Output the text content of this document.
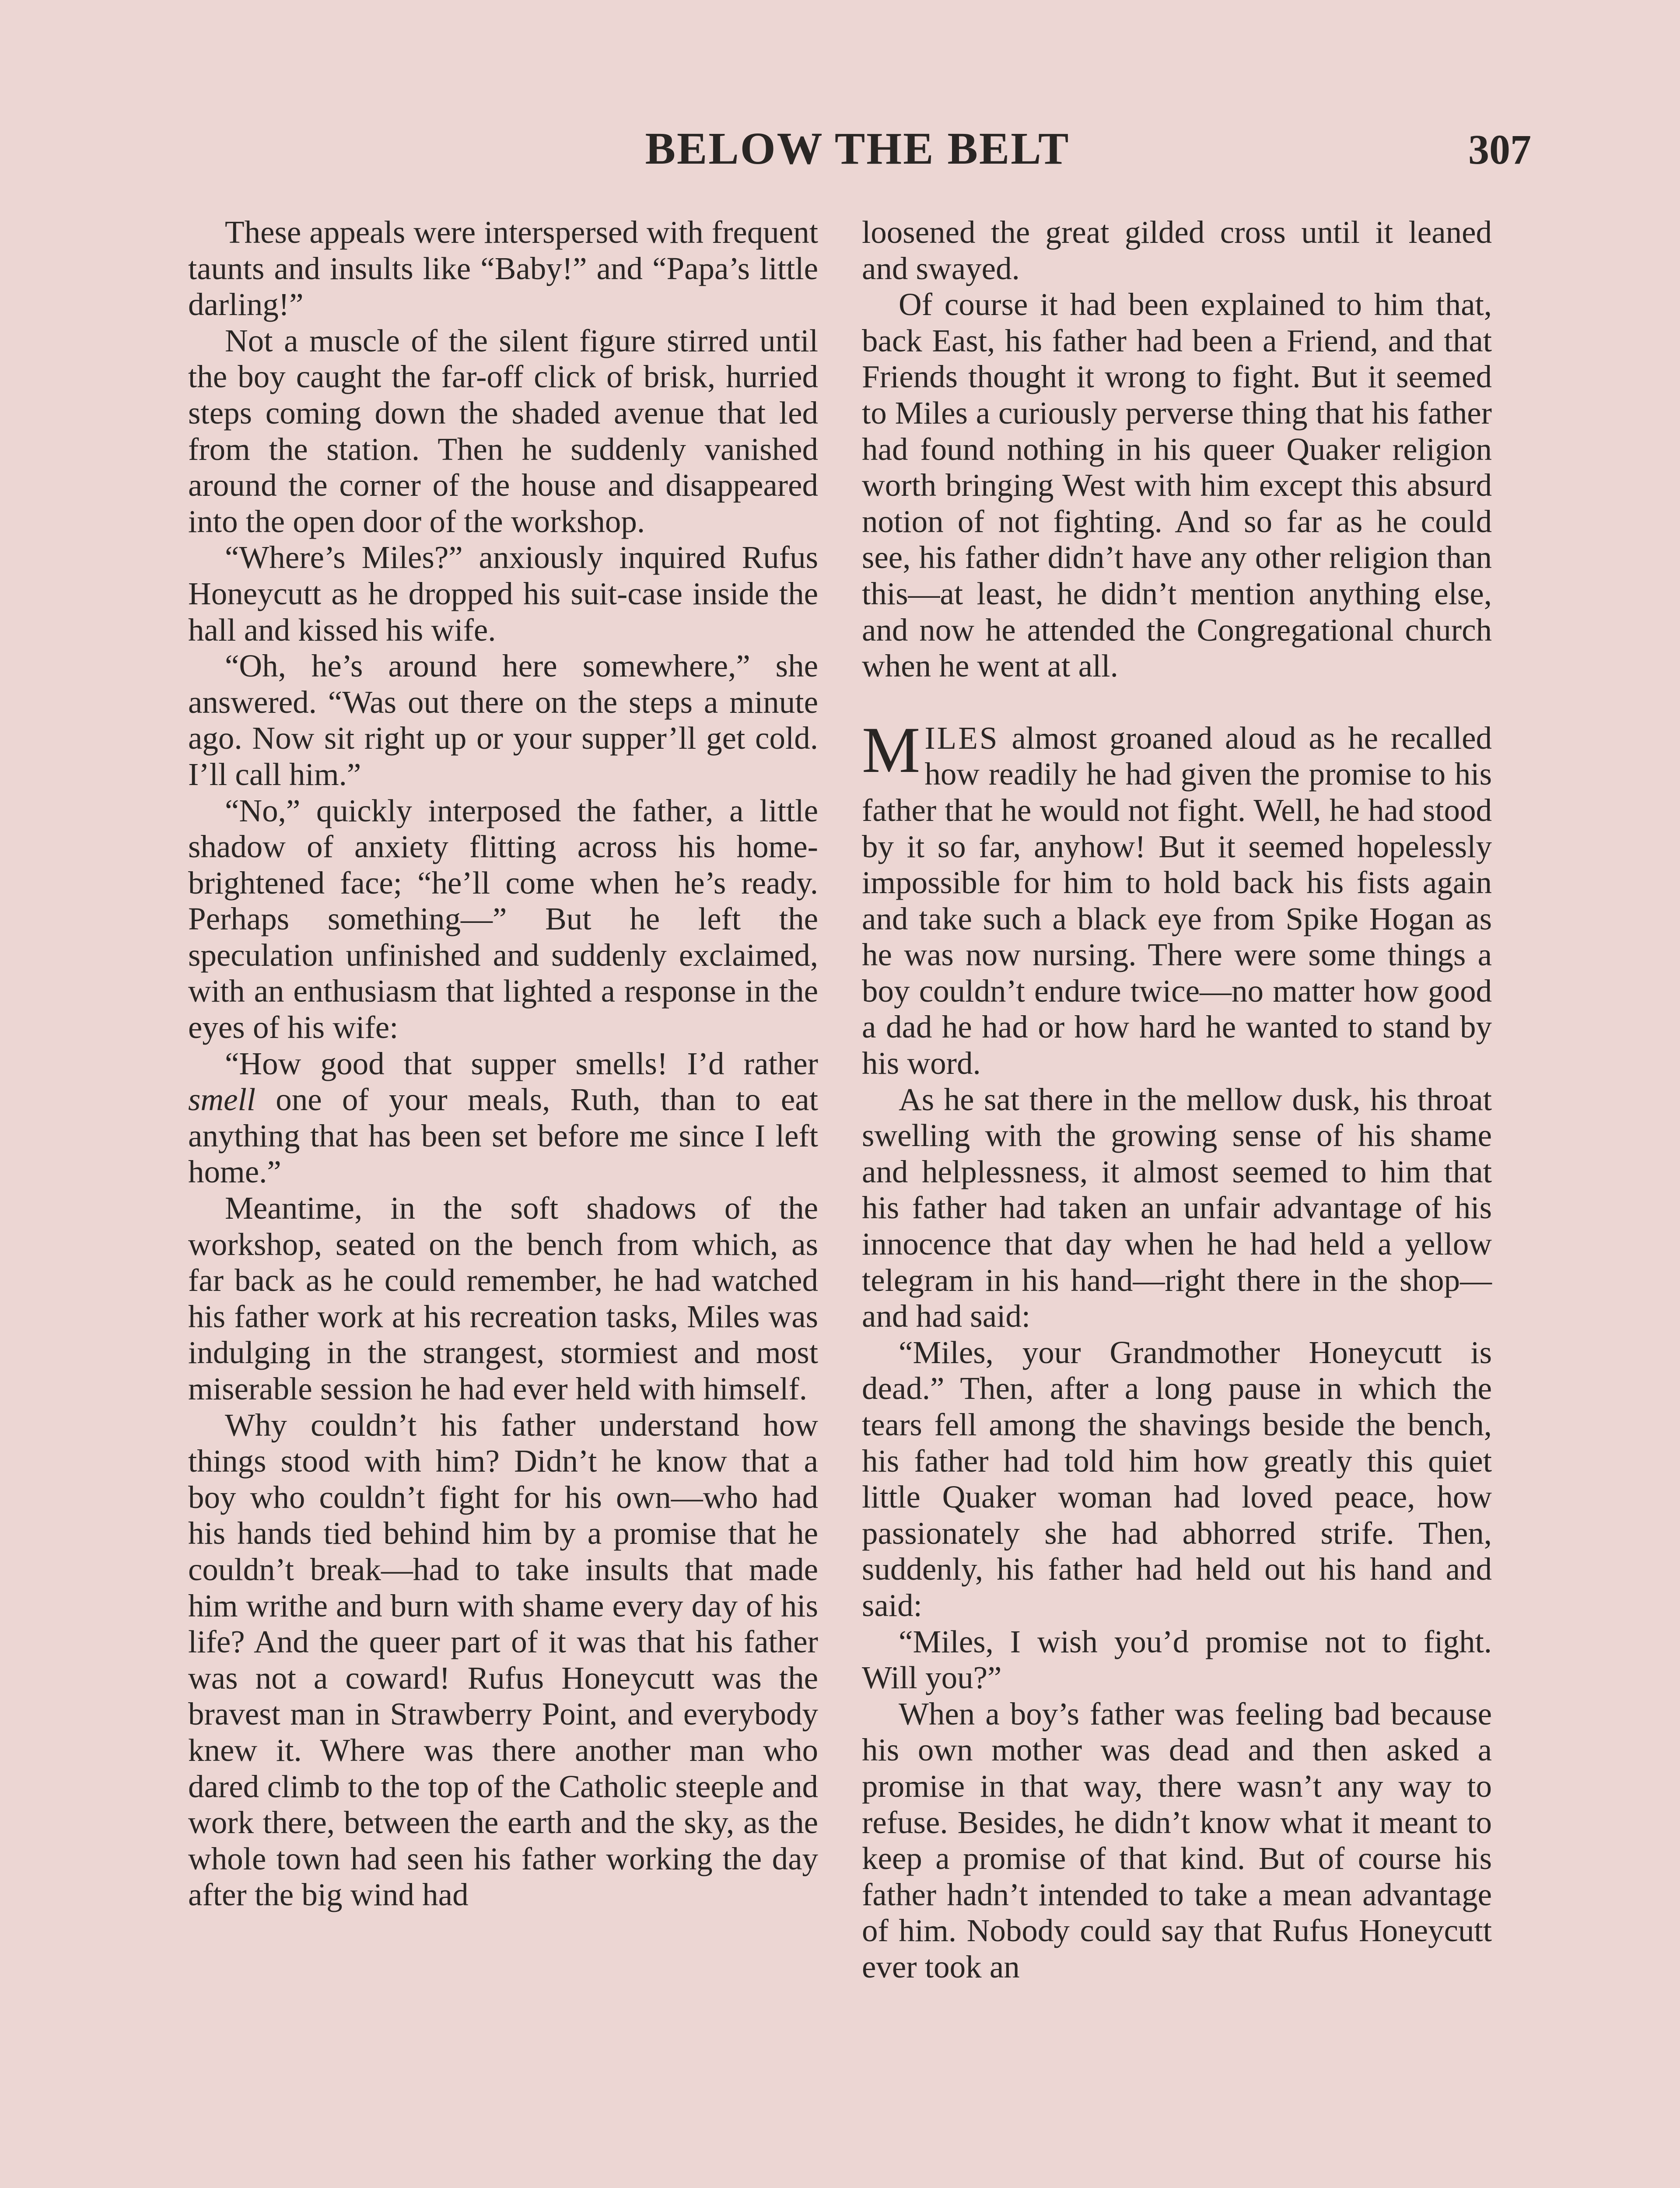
BELOW THE BELT	307

These appeals were interspersed with frequent taunts and insults like “Baby!” and “Papa’s little darling!”

Not a muscle of the silent figure stirred until the boy caught the far-off click of brisk, hurried steps coming down the shaded avenue that led from the station. Then he suddenly vanished around the corner of the house and disappeared into the open door of the workshop.

“Where’s Miles?” anxiously inquired Rufus Honeycutt as he dropped his suit-case inside the hall and kissed his wife.

“Oh, he’s around here somewhere,” she answered. “Was out there on the steps a minute ago. Now sit right up or your supper’ll get cold. I’ll call him.”

“No,” quickly interposed the father, a little shadow of anxiety flitting across his home-brightened face; “he’ll come when he’s ready. Perhaps something—” But he left the speculation unfinished and suddenly exclaimed, with an enthusiasm that lighted a response in the eyes of his wife:

“How good that supper smells! I’d rather smell one of your meals, Ruth, than to eat anything that has been set before me since I left home.”

Meantime, in the soft shadows of the workshop, seated on the bench from which, as far back as he could remember, he had watched his father work at his recreation tasks, Miles was indulging in the strangest, stormiest and most miserable session he had ever held with himself.

Why couldn’t his father understand how things stood with him? Didn’t he know that a boy who couldn’t fight for his own—who had his hands tied behind him by a promise that he couldn’t break—had to take insults that made him writhe and burn with shame every day of his life? And the queer part of it was that his father was not a coward! Rufus Honeycutt was the bravest man in Strawberry Point, and everybody knew it. Where was there another man who dared climb to the top of the Catholic steeple and work there, between the earth and the sky, as the whole town had seen his father working the day after the big wind had

loosened the great gilded cross until it leaned and swayed.

Of course it had been explained to him that, back East, his father had been a Friend, and that Friends thought it wrong to fight. But it seemed to Miles a curiously perverse thing that his father had found nothing in his queer Quaker religion worth bringing West with him except this absurd notion of not fighting. And so far as he could see, his father didn’t have any other religion than this—at least, he didn’t mention anything else, and now he attended the Congregational church when he went at all.

MILES almost groaned aloud as he recalled how readily he had given the promise to his father that he would not fight. Well, he had stood by it so far, anyhow! But it seemed hopelessly impossible for him to hold back his fists again and take such a black eye from Spike Hogan as he was now nursing. There were some things a boy couldn’t endure twice—no matter how good a dad he had or how hard he wanted to stand by his word.

As he sat there in the mellow dusk, his throat swelling with the growing sense of his shame and helplessness, it almost seemed to him that his father had taken an unfair advantage of his innocence that day when he had held a yellow telegram in his hand—right there in the shop—and had said:

“Miles, your Grandmother Honeycutt is dead.” Then, after a long pause in which the tears fell among the shavings beside the bench, his father had told him how greatly this quiet little Quaker woman had loved peace, how passionately she had abhorred strife. Then, suddenly, his father had held out his hand and said:

“Miles, I wish you’d promise not to fight. Will you?”

When a boy’s father was feeling bad because his own mother was dead and then asked a promise in that way, there wasn’t any way to refuse. Besides, he didn’t know what it meant to keep a promise of that kind. But of course his father hadn’t intended to take a mean advantage of him. Nobody could say that Rufus Honeycutt ever took an
